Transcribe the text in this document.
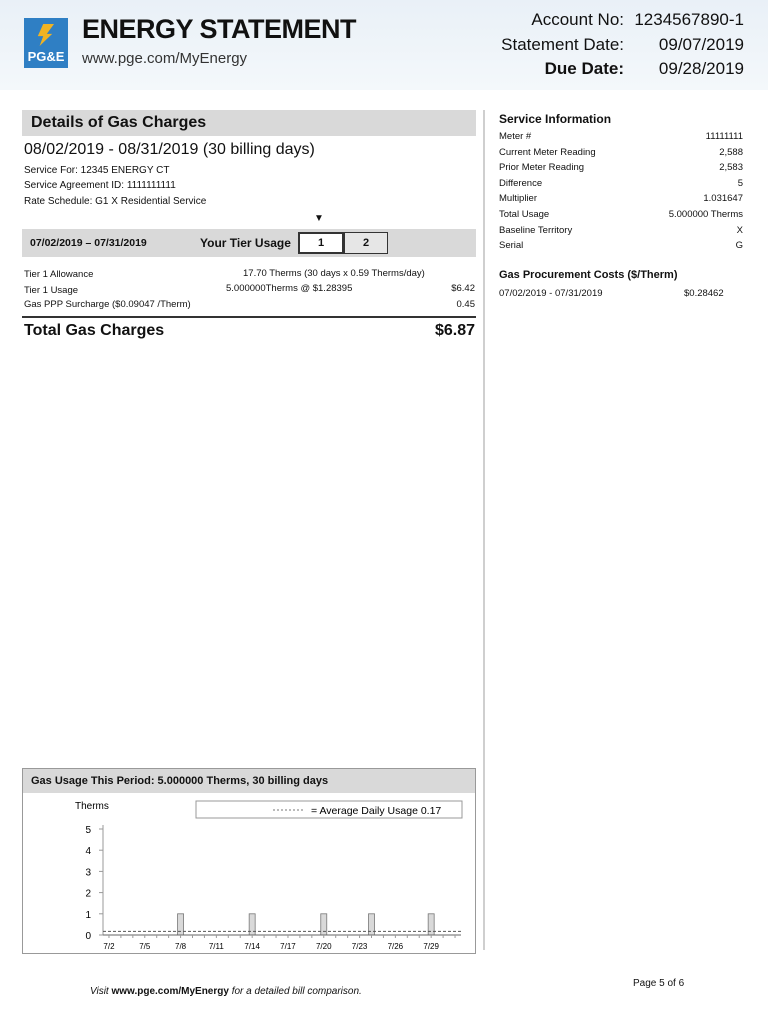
PG&E
ENERGY STATEMENT
www.pge.com/MyEnergy
Account No: 1234567890-1
Statement Date: 09/07/2019
Due Date: 09/28/2019
Details of Gas Charges
08/02/2019 - 08/31/2019 (30 billing days)
Service For: 12345 ENERGY CT
Service Agreement ID: 1111111111
Rate Schedule: G1 X Residential Service
▼
07/02/2019 – 07/31/2019	Your Tier Usage 1	2
Tier 1 Allowance	17.70 Therms (30 days x 0.59 Therms/day)
Tier 1 Usage	5.000000Therms @ $1.28395	$6.42
Gas PPP Surcharge ($0.09047 /Therm)	0.45
Total Gas Charges	$6.87
Service Information
Meter #	11111111
Current Meter Reading	2,588
Prior Meter Reading	2,583
Difference	5
Multiplier	1.031647
Total Usage	5.000000 Therms
Baseline Territory	X
Serial	G
Gas Procurement Costs ($/Therm)
07/02/2019 - 07/31/2019	$0.28462
Gas Usage This Period: 5.000000 Therms, 30 billing days
Therms	= Average Daily Usage 0.17
0
1
2
3
4
5
7/2	7/5	7/8	7/11	7/14	7/17	7/20	7/23	7/26	7/29
Visit www.pge.com/MyEnergy for a detailed bill comparison.
Page 5 of 6
